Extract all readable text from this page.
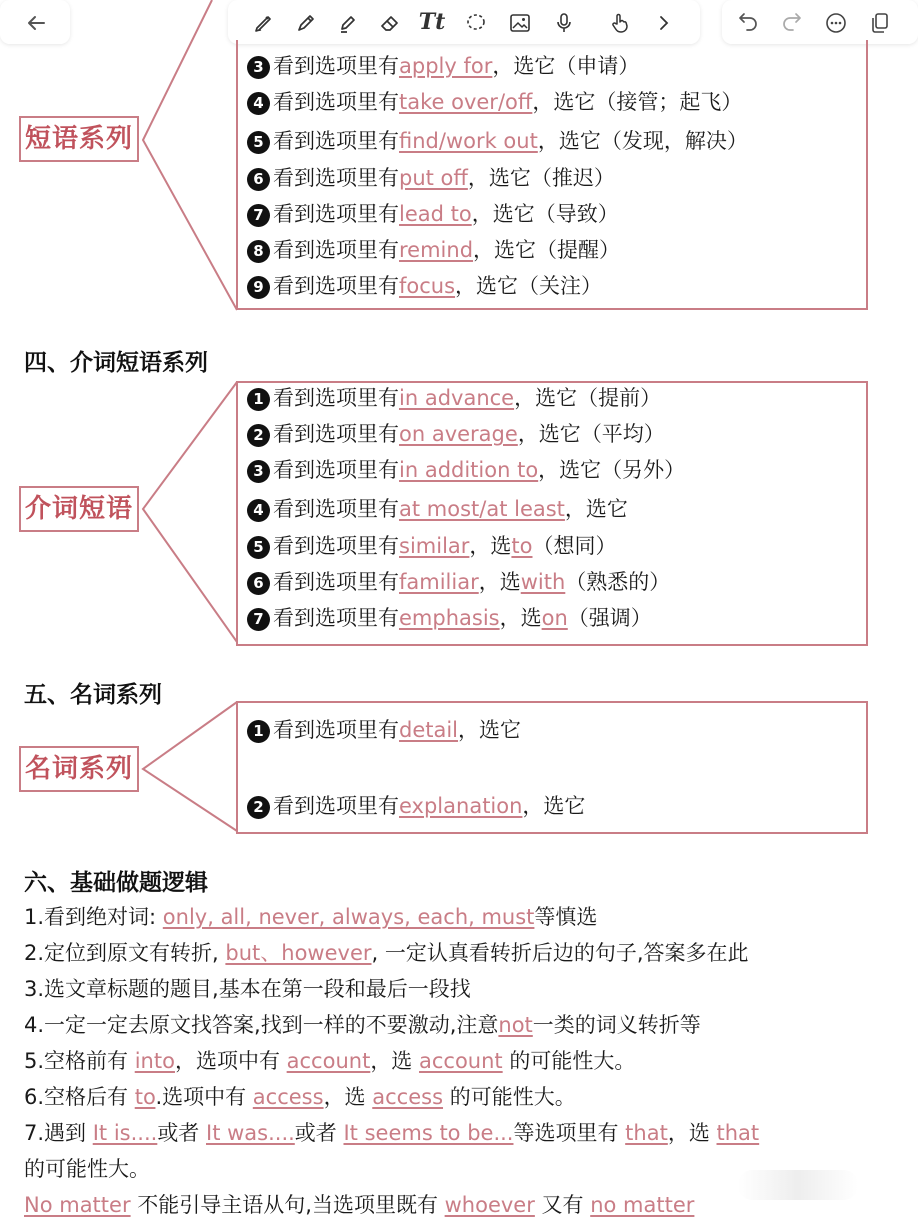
Tt
短语系列
3 看到选项里有apply for，选它（申请）
4 看到选项里有take over/off，选它（接管；起飞）
5 看到选项里有find/work out，选它（发现，解决）
6 看到选项里有put off，选它（推迟）
7 看到选项里有lead to，选它（导致）
8 看到选项里有remind，选它（提醒）
9 看到选项里有focus，选它（关注）
四、介词短语系列
介词短语
1 看到选项里有in advance，选它（提前）
2 看到选项里有on average，选它（平均）
3 看到选项里有in addition to，选它（另外）
4 看到选项里有at most/at least，选它
5 看到选项里有similar，选to（想同）
6 看到选项里有familiar，选with（熟悉的）
7 看到选项里有emphasis，选on（强调）
五、名词系列
名词系列
1 看到选项里有detail，选它
2 看到选项里有explanation，选它
六、基础做题逻辑
1.看到绝对词: only, all, never, always, each, must等慎选
2.定位到原文有转折, but、however, 一定认真看转折后边的句子,答案多在此
3.选文章标题的题目,基本在第一段和最后一段找
4.一定一定去原文找答案,找到一样的不要激动,注意not一类的词义转折等
5.空格前有 into，选项中有 account，选 account 的可能性大。
6.空格后有 to.选项中有 access，选 access 的可能性大。
7.遇到 It is....或者 It was....或者 It seems to be...等选项里有 that，选 that
的可能性大。
No matter 不能引导主语从句,当选项里既有 whoever 又有 no matter
